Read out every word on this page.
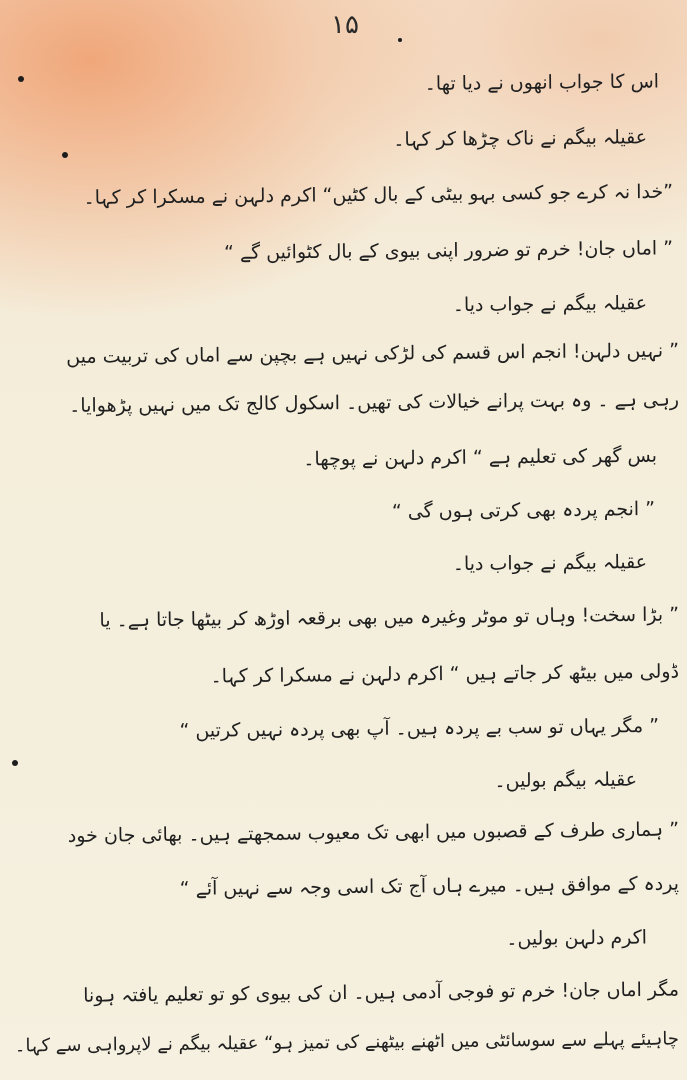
۱۵
اس کا جواب انھوں نے دیا تھا۔
عقیلہ بیگم نے ناک چڑھا کر کہا۔
”خدا نہ کرے جو کسی بہو بیٹی کے بال کٹیں“ اکرم دلہن نے مسکرا کر کہا۔
” اماں جان! خرم تو ضرور اپنی بیوی کے بال کٹوائیں گے “
عقیلہ بیگم نے جواب دیا۔
” نہیں دلہن! انجم اس قسم کی لڑکی نہیں ہے بچپن سے اماں کی تربیت میں
رہی ہے ۔ وہ بہت پرانے خیالات کی تھیں۔ اسکول کالج تک میں نہیں پڑھوایا۔
بس گھر کی تعلیم ہے “ اکرم دلہن نے پوچھا۔
” انجم پردہ بھی کرتی ہوں گی “
عقیلہ بیگم نے جواب دیا۔
” بڑا سخت! وہاں تو موٹر وغیرہ میں بھی برقعہ اوڑھ کر بیٹھا جاتا ہے۔ یا
ڈولی میں بیٹھ کر جاتے ہیں “ اکرم دلہن نے مسکرا کر کہا۔
” مگر یہاں تو سب بے پردہ ہیں۔ آپ بھی پردہ نہیں کرتیں “
عقیلہ بیگم بولیں۔
” ہماری طرف کے قصبوں میں ابھی تک معیوب سمجھتے ہیں۔ بھائی جان خود
پردہ کے موافق ہیں۔ میرے ہاں آج تک اسی وجہ سے نہیں آئے “
اکرم دلہن بولیں۔
مگر اماں جان! خرم تو فوجی آدمی ہیں۔ ان کی بیوی کو تو تعلیم یافتہ ہونا
چاہیئے پہلے سے سوسائٹی میں اٹھنے بیٹھنے کی تمیز ہو“ عقیلہ بیگم نے لاپرواہی سے کہا۔
